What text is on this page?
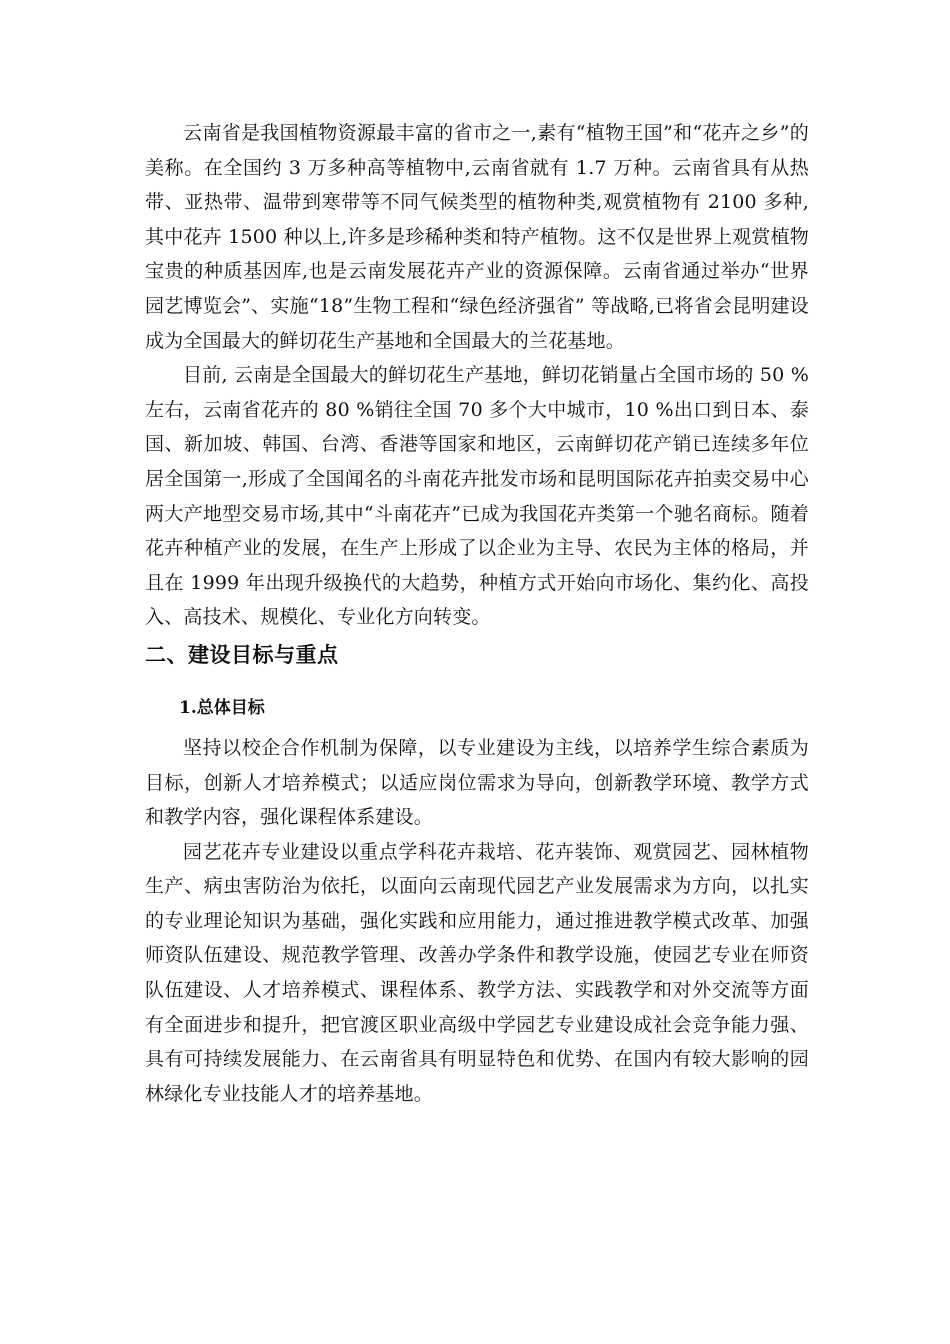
云南省是我国植物资源最丰富的省市之一,素有“植物王国”和“花卉之乡”的美称。在全国约 3 万多种高等植物中,云南省就有 1.7 万种。云南省具有从热带、亚热带、温带到寒带等不同气候类型的植物种类,观赏植物有 2100 多种,其中花卉 1500 种以上,许多是珍稀种类和特产植物。这不仅是世界上观赏植物宝贵的种质基因库,也是云南发展花卉产业的资源保障。云南省通过举办“世界园艺博览会”、实施“18”生物工程和“绿色经济强省” 等战略,已将省会昆明建设成为全国最大的鲜切花生产基地和全国最大的兰花基地。

目前, 云南是全国最大的鲜切花生产基地，鲜切花销量占全国市场的 50 %左右，云南省花卉的 80 %销往全国 70 多个大中城市，10 %出口到日本、泰国、新加坡、韩国、台湾、香港等国家和地区，云南鲜切花产销已连续多年位居全国第一,形成了全国闻名的斗南花卉批发市场和昆明国际花卉拍卖交易中心两大产地型交易市场,其中“斗南花卉”已成为我国花卉类第一个驰名商标。随着花卉种植产业的发展，在生产上形成了以企业为主导、农民为主体的格局，并且在 1999 年出现升级换代的大趋势，种植方式开始向市场化、集约化、高投入、高技术、规模化、专业化方向转变。

二、建设目标与重点
1.总体目标

坚持以校企合作机制为保障，以专业建设为主线，以培养学生综合素质为目标，创新人才培养模式；以适应岗位需求为导向，创新教学环境、教学方式和教学内容，强化课程体系建设。

园艺花卉专业建设以重点学科花卉栽培、花卉装饰、观赏园艺、园林植物生产、病虫害防治为依托，以面向云南现代园艺产业发展需求为方向，以扎实的专业理论知识为基础，强化实践和应用能力，通过推进教学模式改革、加强师资队伍建设、规范教学管理、改善办学条件和教学设施，使园艺专业在师资队伍建设、人才培养模式、课程体系、教学方法、实践教学和对外交流等方面有全面进步和提升，把官渡区职业高级中学园艺专业建设成社会竞争能力强、具有可持续发展能力、在云南省具有明显特色和优势、在国内有较大影响的园林绿化专业技能人才的培养基地。
